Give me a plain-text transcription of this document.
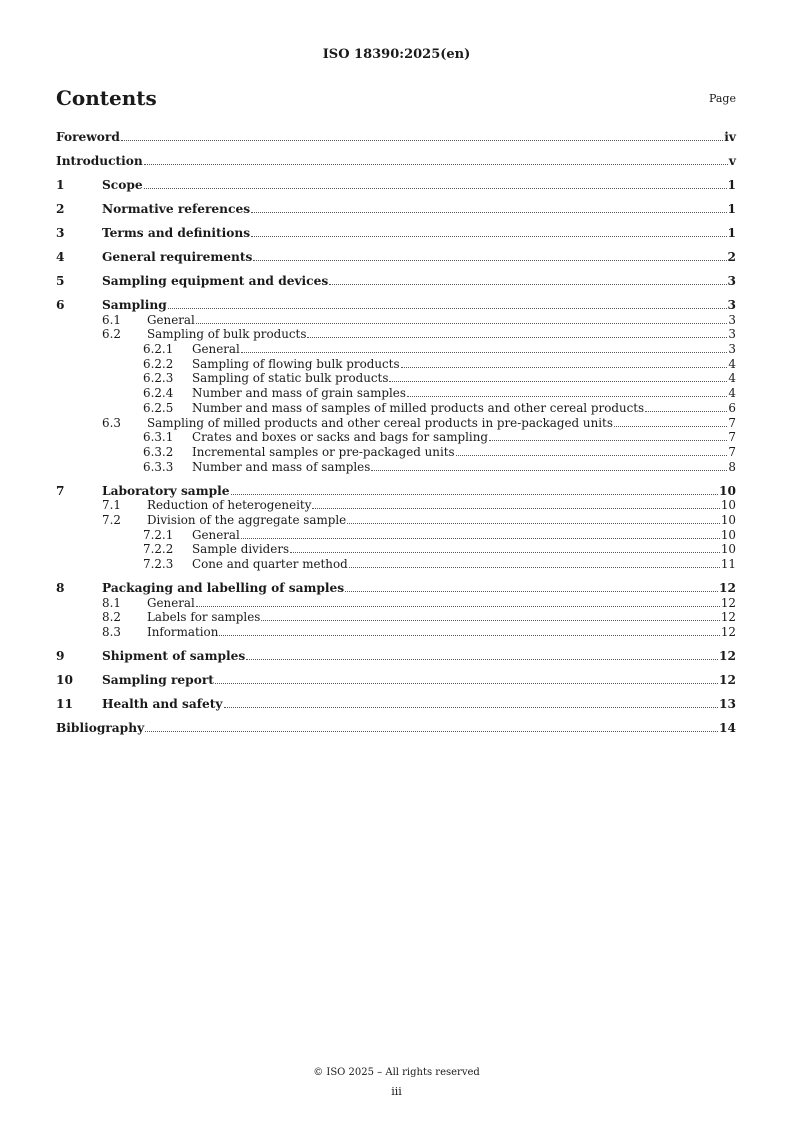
ISO 18390:2025(en)
Contents	Page
Foreword	iv
Introduction	v
1	Scope	1
2	Normative references	1
3	Terms and definitions	1
4	General requirements	2
5	Sampling equipment and devices	3
6	Sampling	3
6.1	General	3
6.2	Sampling of bulk products	3
6.2.1	General	3
6.2.2	Sampling of flowing bulk products	4
6.2.3	Sampling of static bulk products	4
6.2.4	Number and mass of grain samples	4
6.2.5	Number and mass of samples of milled products and other cereal products	6
6.3	Sampling of milled products and other cereal products in pre-packaged units	7
6.3.1	Crates and boxes or sacks and bags for sampling	7
6.3.2	Incremental samples or pre-packaged units	7
6.3.3	Number and mass of samples	8
7	Laboratory sample	10
7.1	Reduction of heterogeneity	10
7.2	Division of the aggregate sample	10
7.2.1	General	10
7.2.2	Sample dividers	10
7.2.3	Cone and quarter method	11
8	Packaging and labelling of samples	12
8.1	General	12
8.2	Labels for samples	12
8.3	Information	12
9	Shipment of samples	12
10	Sampling report	12
11	Health and safety	13
Bibliography	14
© ISO 2025 – All rights reserved
iii
